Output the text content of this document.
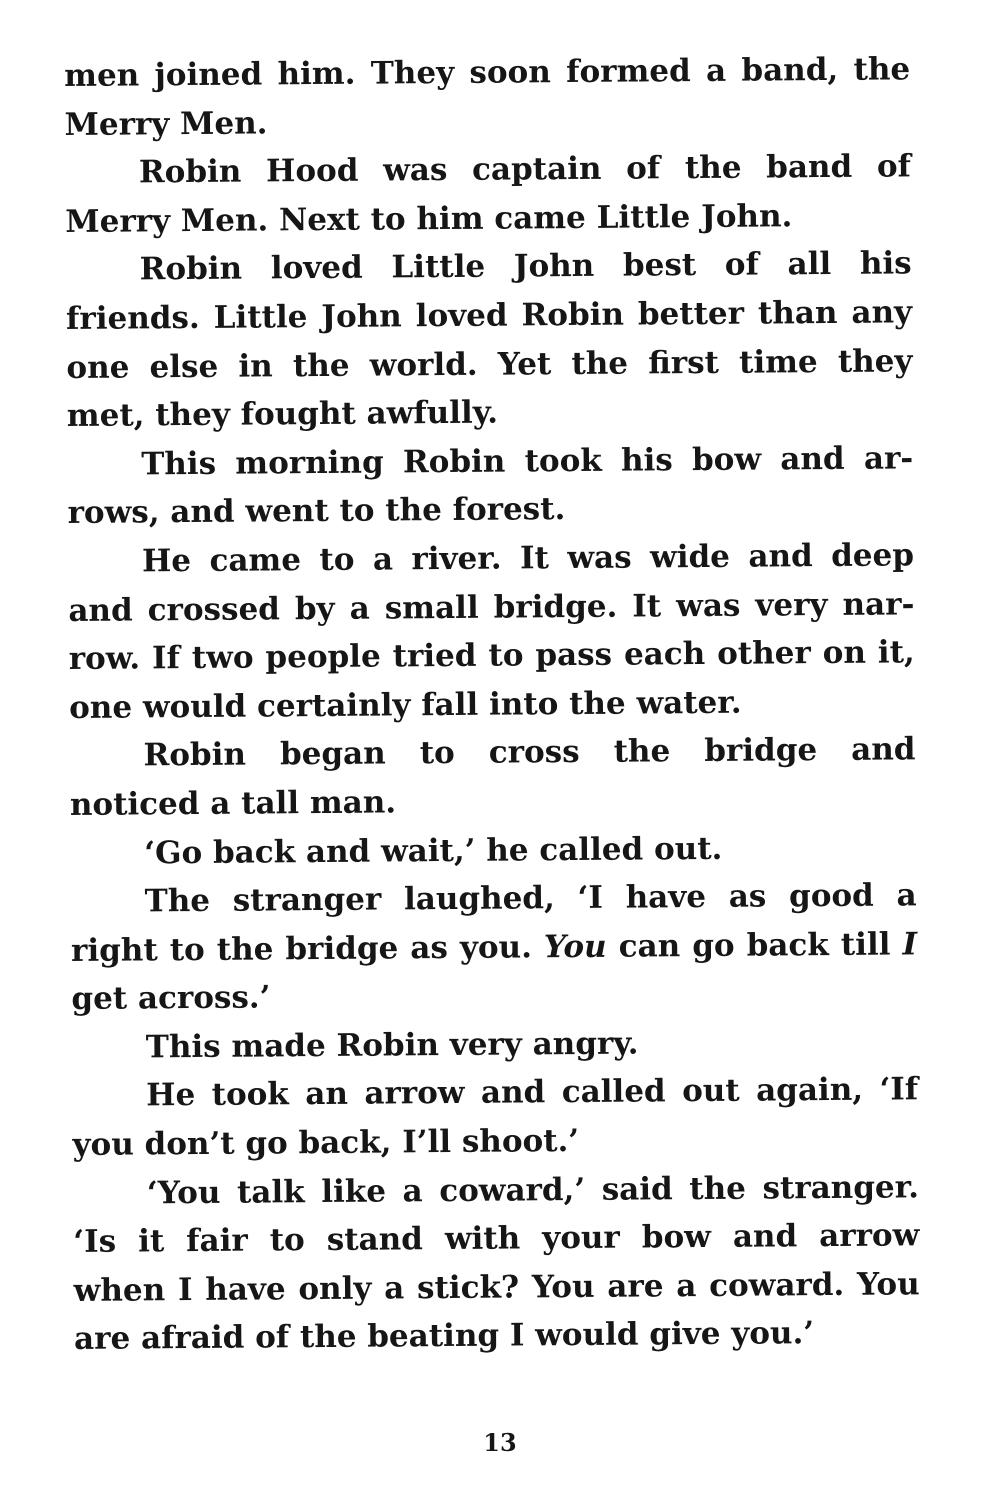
men joined him. They soon formed a band, the Merry Men.

Robin Hood was captain of the band of Merry Men. Next to him came Little John.

Robin loved Little John best of all his friends. Little John loved Robin better than any one else in the world. Yet the first time they met, they fought awfully.

This morning Robin took his bow and arrows, and went to the forest.

He came to a river. It was wide and deep and crossed by a small bridge. It was very narrow. If two people tried to pass each other on it, one would certainly fall into the water.

Robin began to cross the bridge and noticed a tall man.

‘Go back and wait,’ he called out.

The stranger laughed, ‘I have as good a right to the bridge as you. You can go back till I get across.’

This made Robin very angry.

He took an arrow and called out again, ‘If you don’t go back, I’ll shoot.’

‘You talk like a coward,’ said the stranger. ‘Is it fair to stand with your bow and arrow when I have only a stick? You are a coward. You are afraid of the beating I would give you.’

13
